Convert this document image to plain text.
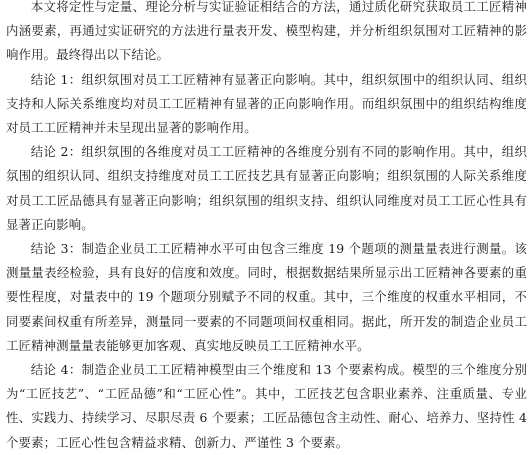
本文将定性与定量、理论分析与实证验证相结合的方法，通过质化研究获取员工工匠精神内涵要素，再通过实证研究的方法进行量表开发、模型构建，并分析组织氛围对工匠精神的影响作用。最终得出以下结论。

结论 1：组织氛围对员工工匠精神有显著正向影响。其中，组织氛围中的组织认同、组织支持和人际关系维度均对员工工匠精神有显著的正向影响作用。而组织氛围中的组织结构维度对员工工匠精神并未呈现出显著的影响作用。

结论 2：组织氛围的各维度对员工工匠精神的各维度分别有不同的影响作用。其中，组织氛围的组织认同、组织支持维度对员工工匠技艺具有显著正向影响；组织氛围的人际关系维度对员工工匠品德具有显著正向影响；组织氛围的组织支持、组织认同维度对员工工匠心性具有显著正向影响。

结论 3：制造企业员工工匠精神水平可由包含三维度 19 个题项的测量量表进行测量。该测量量表经检验，具有良好的信度和效度。同时，根据数据结果所显示出工匠精神各要素的重要性程度，对量表中的 19 个题项分别赋予不同的权重。其中，三个维度的权重水平相同，不同要素间权重有所差异，测量同一要素的不同题项间权重相同。据此，所开发的制造企业员工工匠精神测量量表能够更加客观、真实地反映员工工匠精神水平。

结论 4：制造企业员工工匠精神模型由三个维度和 13 个要素构成。模型的三个维度分别为“工匠技艺”、“工匠品德”和“工匠心性”。其中，工匠技艺包含职业素养、注重质量、专业性、实践力、持续学习、尽职尽责 6 个要素；工匠品德包含主动性、耐心、培养力、坚持性 4 个要素；工匠心性包含精益求精、创新力、严谨性 3 个要素。
